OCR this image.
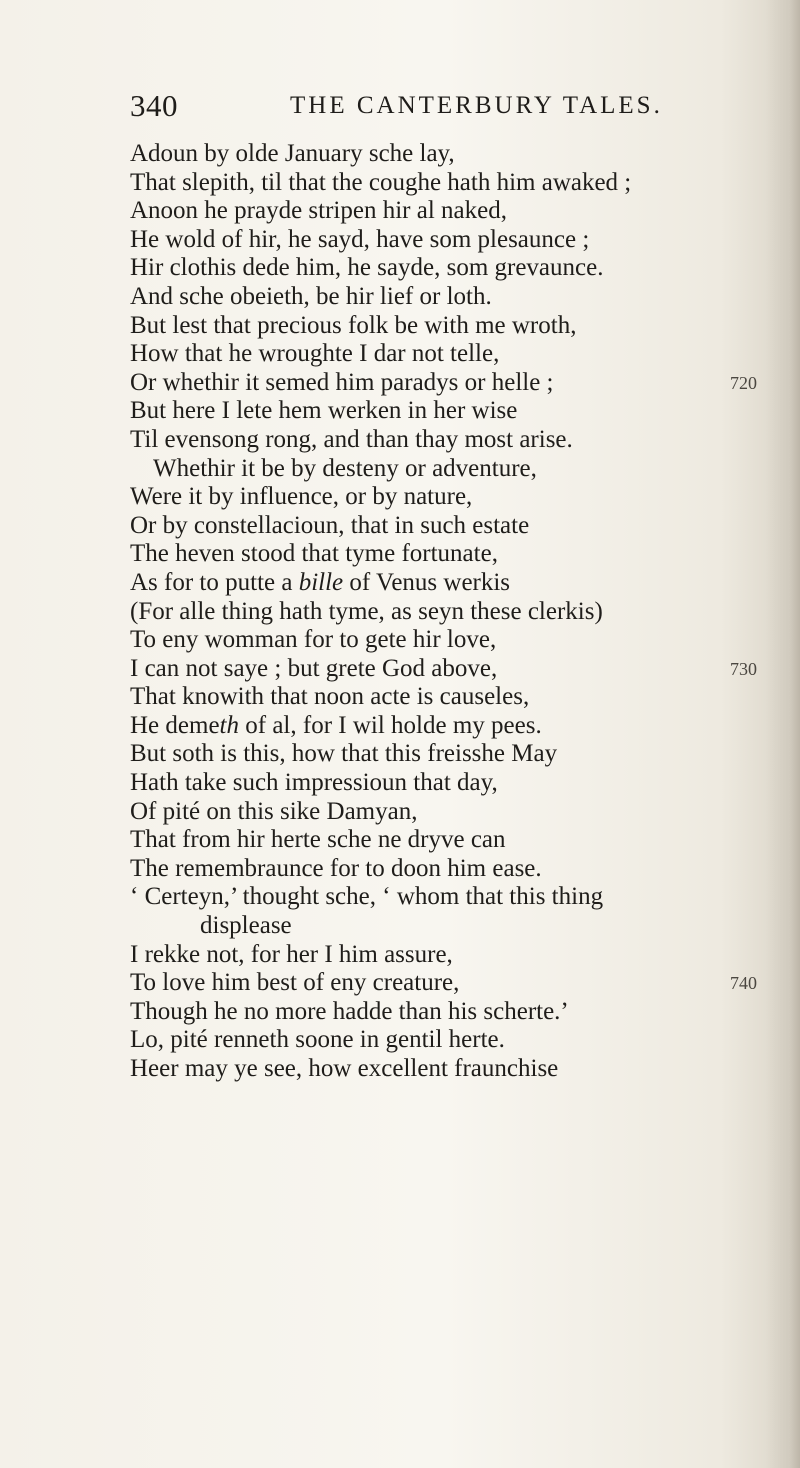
340	THE CANTERBURY TALES.
Adoun by olde January sche lay,
That slepith, til that the coughe hath him awaked ;
Anoon he prayde stripen hir al naked,
He wold of hir, he sayd, have som plesaunce ;
Hir clothis dede him, he sayde, som grevaunce.
And sche obeieth, be hir lief or loth.
But lest that precious folk be with me wroth,
How that he wroughte I dar not telle,
Or whethir it semed him paradys or helle ;	720
But here I lete hem werken in her wise
Til evensong rong, and than thay most arise.
Whethir it be by desteny or adventure,
Were it by influence, or by nature,
Or by constellacioun, that in such estate
The heven stood that tyme fortunate,
As for to putte a bille of Venus werkis
(For alle thing hath tyme, as seyn these clerkis)
To eny womman for to gete hir love,
I can not saye ; but grete God above,	730
That knowith that noon acte is causeles,
He demeth of al, for I wil holde my pees.
But soth is this, how that this freisshe May
Hath take such impressioun that day,
Of pité on this sike Damyan,
That from hir herte sche ne dryve can
The remembraunce for to doon him ease.
‘ Certeyn,’ thought sche, ‘ whom that this thing
displease
I rekke not, for her I him assure,
To love him best of eny creature,	740
Though he no more hadde than his scherte.’
Lo, pité renneth soone in gentil herte.
Heer may ye see, how excellent fraunchise
